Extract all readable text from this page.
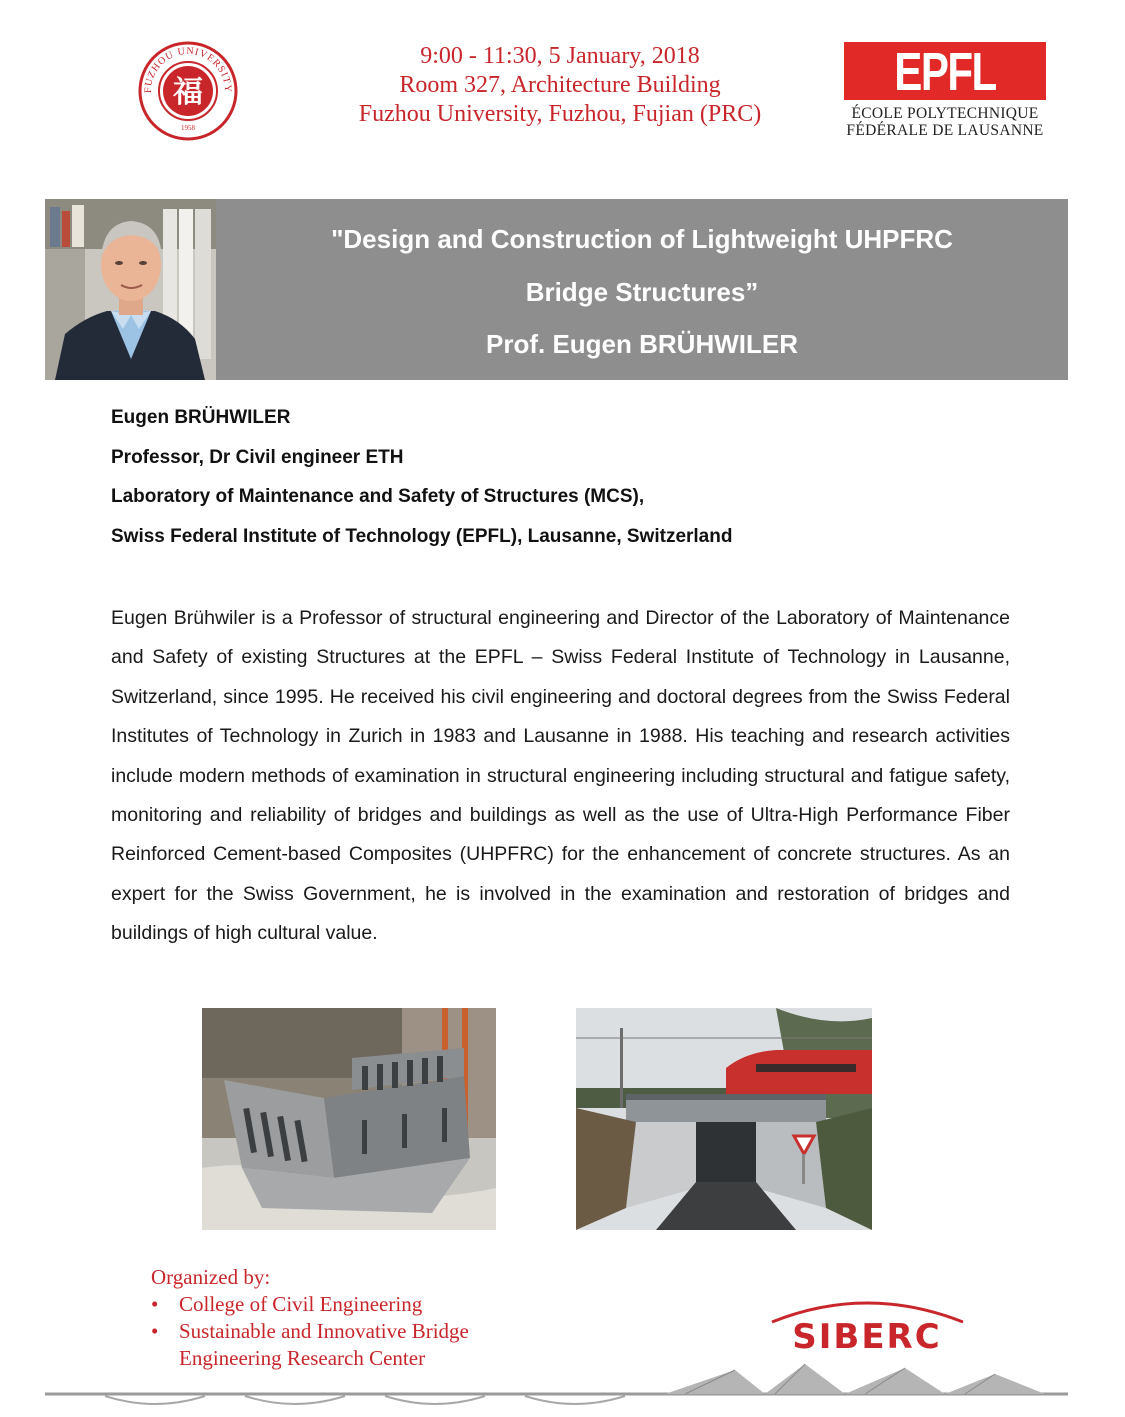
FUZHOU UNIVERSITY
福
1958
9:00 - 11:30, 5 January, 2018
Room 327, Architecture Building
Fuzhou University, Fuzhou, Fujian (PRC)
EPFL
ÉCOLE POLYTECHNIQUE
FÉDÉRALE DE LAUSANNE
"Design and Construction of Lightweight UHPFRC
Bridge Structures”
Prof. Eugen BRÜHWILER
Eugen BRÜHWILER
Professor, Dr Civil engineer ETH
Laboratory of Maintenance and Safety of Structures (MCS),
Swiss Federal Institute of Technology (EPFL), Lausanne, Switzerland
Eugen Brühwiler is a Professor of structural engineering and Director of the Laboratory of Maintenance and Safety of existing Structures at the EPFL – Swiss Federal Institute of Technology in Lausanne, Switzerland, since 1995. He received his civil engineering and doctoral degrees from the Swiss Federal Institutes of Technology in Zurich in 1983 and Lausanne in 1988. His teaching and research activities include modern methods of examination in structural engineering including structural and fatigue safety, monitoring and reliability of bridges and buildings as well as the use of Ultra-High Performance Fiber Reinforced Cement-based Composites (UHPFRC) for the enhancement of concrete structures. As an expert for the Swiss Government, he is involved in the examination and restoration of bridges and buildings of high cultural value.
Organized by:
• College of Civil Engineering
• Sustainable and Innovative Bridge
Engineering Research Center
SIBERC
